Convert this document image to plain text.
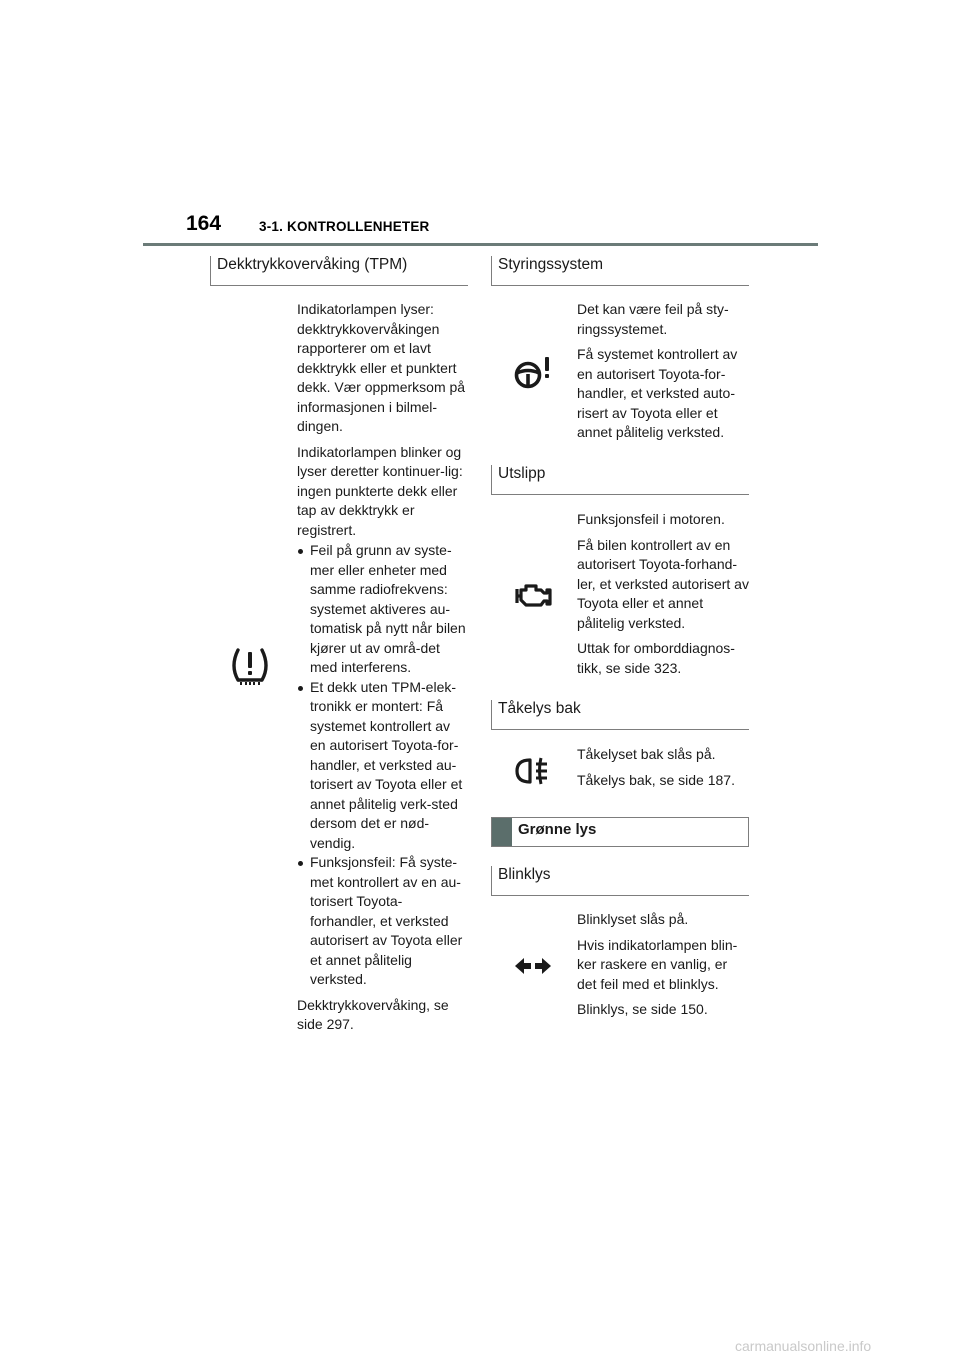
164	3-1. KONTROLLENHETER
Dekktrykkovervåking (TPM)

Indikatorlampen lyser: dekktrykkovervåkingen rapporterer om et lavt dekktrykk eller et punktert dekk. Vær oppmerksom på informasjonen i bilmel-dingen.

Indikatorlampen blinker og lyser deretter kontinuer-lig: ingen punkterte dekk eller tap av dekktrykk er registrert.

Feil på grunn av syste-mer eller enheter med samme radiofrekvens: systemet aktiveres au-tomatisk på nytt når bilen kjører ut av områ-det med interferens.
Et dekk uten TPM-elek-tronikk er montert: Få systemet kontrollert av en autorisert Toyota-for-handler, et verksted au-torisert av Toyota eller et annet pålitelig verk-sted dersom det er nød-vendig.
Funksjonsfeil: Få syste-met kontrollert av en au-torisert Toyota-forhandler, et verksted autorisert av Toyota eller et annet pålitelig verksted.

Dekktrykkovervåking, se side 297.

Styringssystem

Det kan være feil på sty-ringssystemet.

Få systemet kontrollert av en autorisert Toyota-for-handler, et verksted auto-risert av Toyota eller et annet pålitelig verksted.

Utslipp

Funksjonsfeil i motoren.

Få bilen kontrollert av en autorisert Toyota-forhand-ler, et verksted autorisert av Toyota eller et annet pålitelig verksted.

Uttak for omborddiagnos-tikk, se side 323.

Tåkelys bak

Tåkelyset bak slås på.

Tåkelys bak, se side 187.

Grønne lys
Blinklys

Blinklyset slås på.

Hvis indikatorlampen blin-ker raskere en vanlig, er det feil med et blinklys.

Blinklys, se side 150.

carmanualsonline.info
